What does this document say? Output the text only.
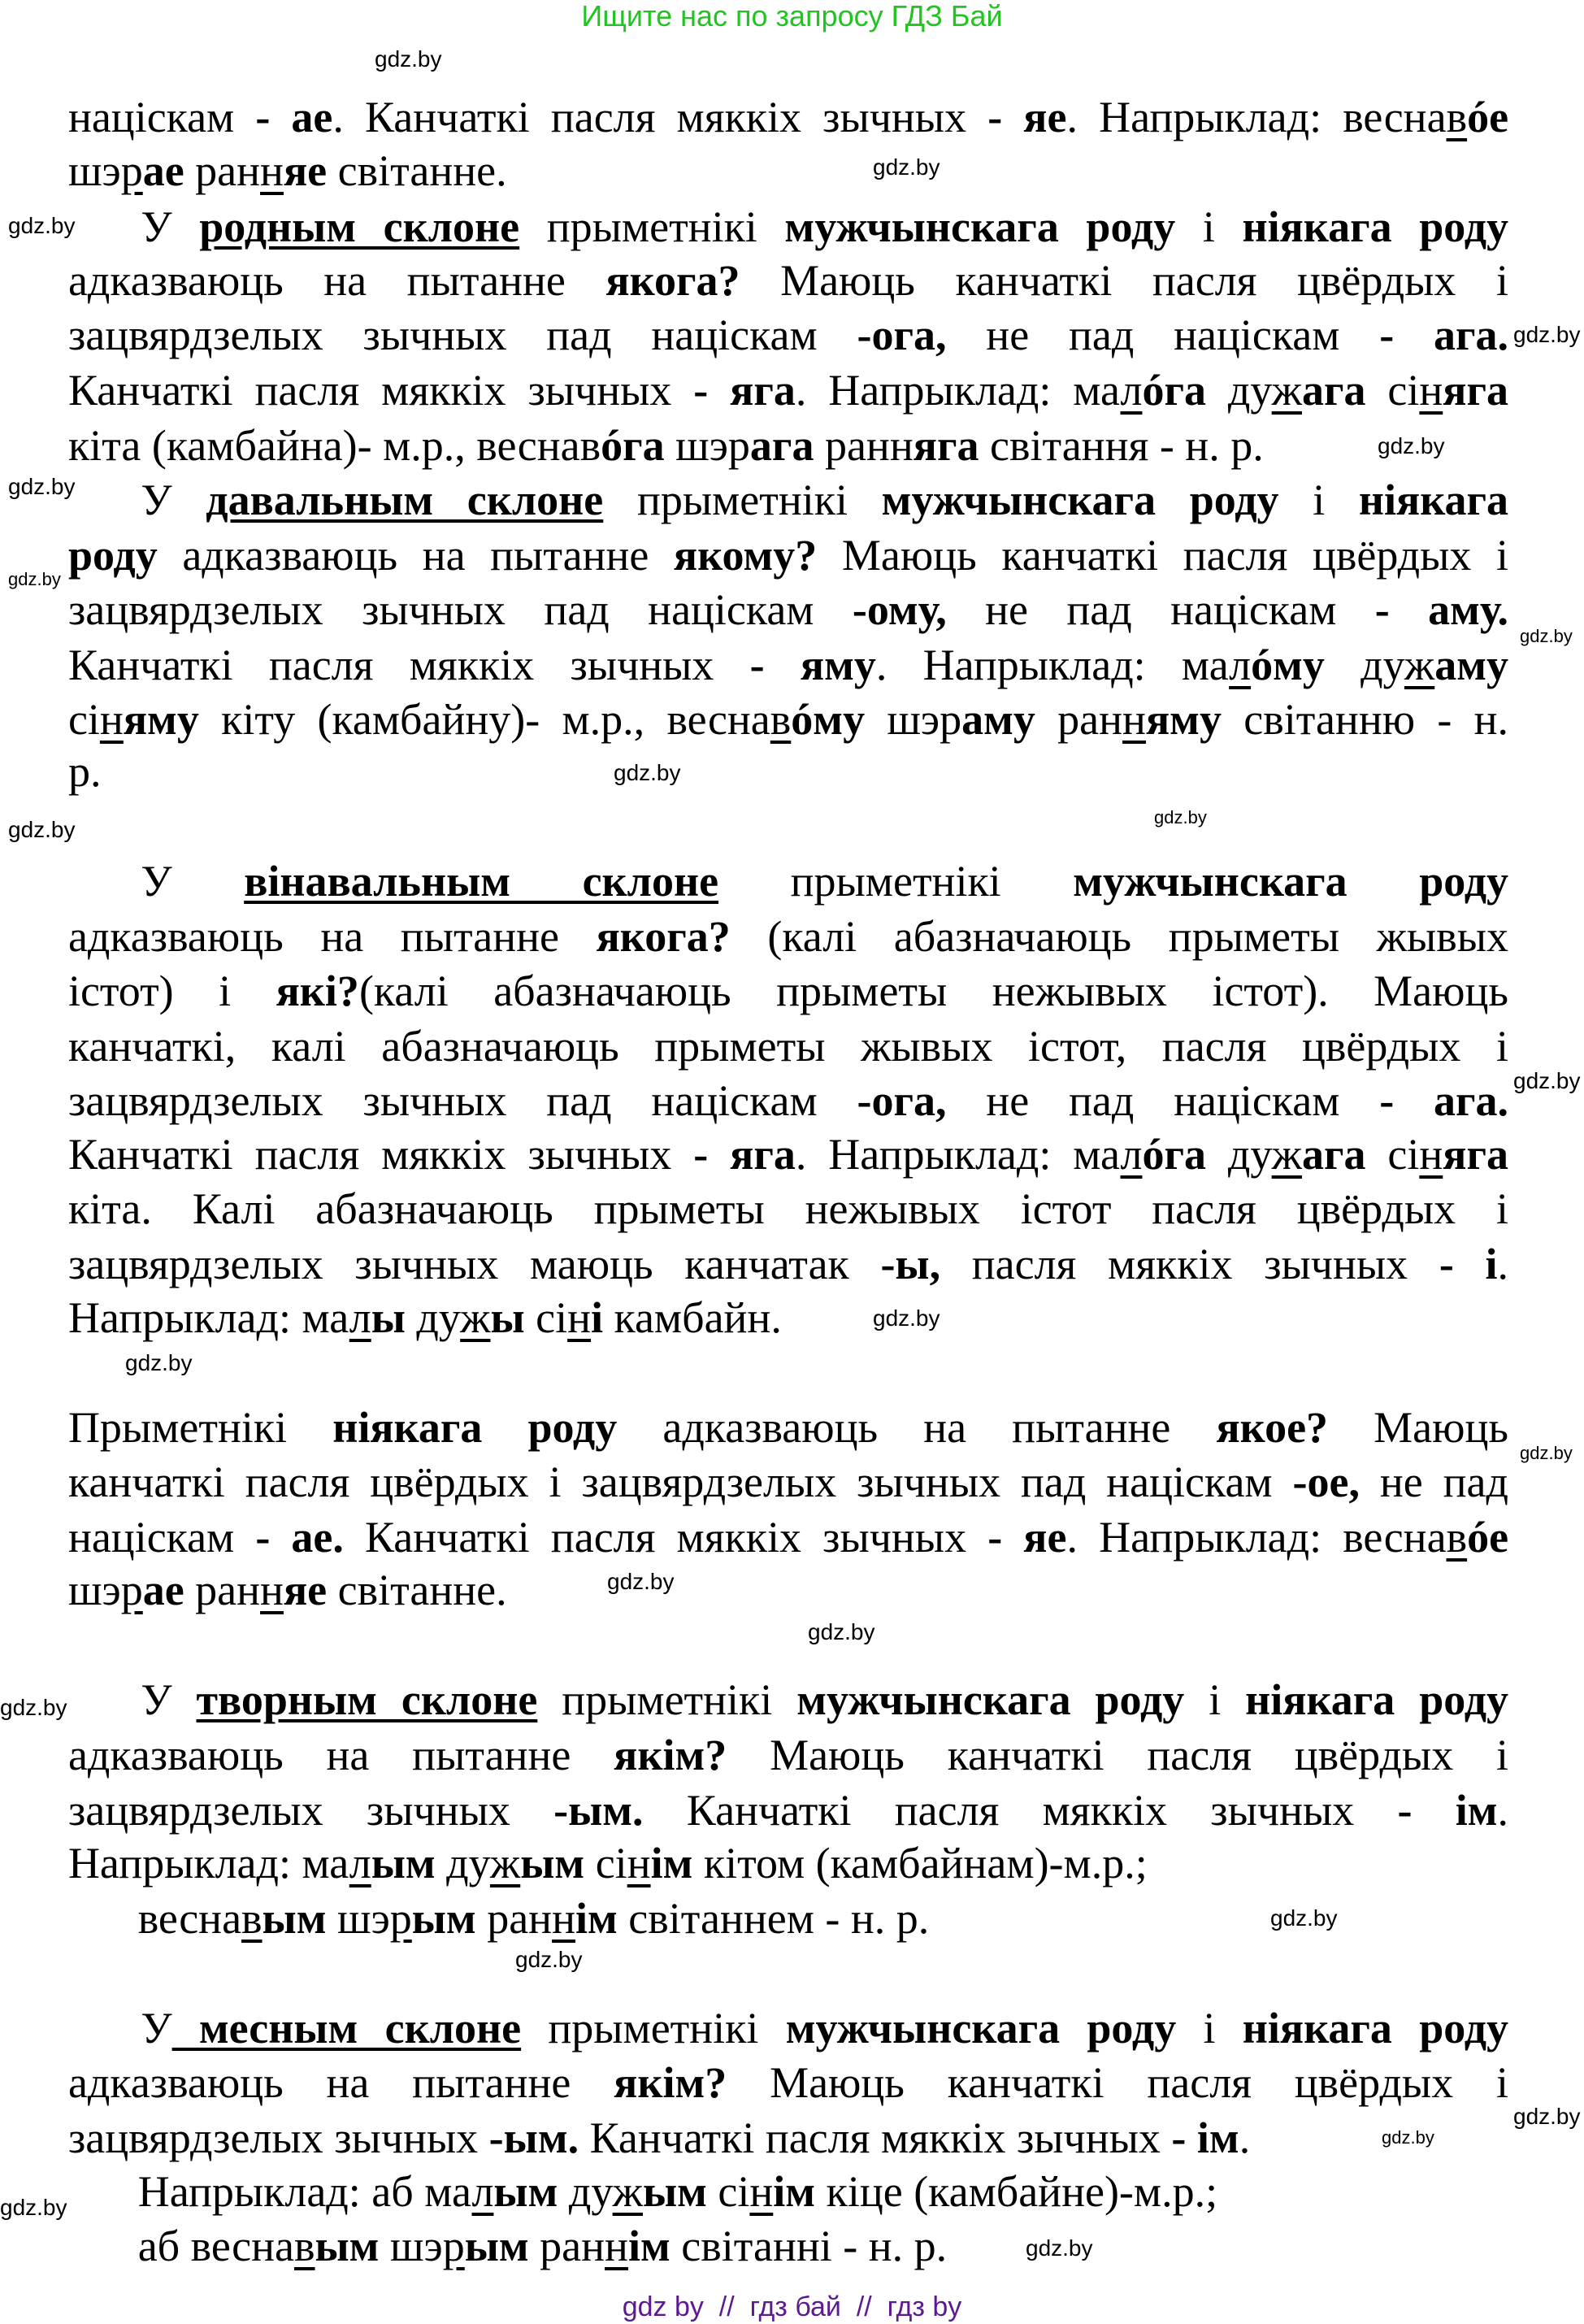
Ищите нас по запросу ГДЗ Бай
націскам - ае. Канчаткі пасля мяккіх зычных - яе. Напрыклад: веснавóе
шэрае ранняе світанне.
У родным склоне прыметнікі мужчынскага роду і ніякага роду
адказваюць на пытанне якога? Маюць канчаткі пасля цвёрдых і
зацвярдзелых зычных пад націскам -ога, не пад націскам - ага.
Канчаткі пасля мяккіх зычных - яга. Напрыклад: малóга дужага сіняга
кіта (камбайна)- м.р., веснавóга шэрага ранняга світання - н. р.
У давальным склоне прыметнікі мужчынскага роду і ніякага
роду адказваюць на пытанне якому? Маюць канчаткі пасля цвёрдых і
зацвярдзелых зычных пад націскам -ому, не пад націскам - аму.
Канчаткі пасля мяккіх зычных - яму. Напрыклад: малóму дужаму
сіняму кіту (камбайну)- м.р., веснавóму шэраму ранняму світанню - н.
р.
У вінавальным склоне прыметнікі мужчынскага роду
адказваюць на пытанне якога? (калі абазначаюць прыметы жывых
істот) і які?(калі абазначаюць прыметы нежывых істот). Маюць
канчаткі, калі абазначаюць прыметы жывых істот, пасля цвёрдых і
зацвярдзелых зычных пад націскам -ога, не пад націскам - ага.
Канчаткі пасля мяккіх зычных - яга. Напрыклад: малóга дужага сіняга
кіта. Калі абазначаюць прыметы нежывых істот пасля цвёрдых і
зацвярдзелых зычных маюць канчатак -ы, пасля мяккіх зычных - і.
Напрыклад: малы дужы сіні камбайн.
Прыметнікі ніякага роду адказваюць на пытанне якое? Маюць
канчаткі пасля цвёрдых і зацвярдзелых зычных пад націскам -ое, не пад
націскам - ае. Канчаткі пасля мяккіх зычных - яе. Напрыклад: веснавóе
шэрае ранняе світанне.
У творным склоне прыметнікі мужчынскага роду і ніякага роду
адказваюць на пытанне якім? Маюць канчаткі пасля цвёрдых і
зацвярдзелых зычных -ым. Канчаткі пасля мяккіх зычных - ім.
Напрыклад: малым дужым сінім кітом (камбайнам)-м.р.;
веснавым шэрым раннім світаннем - н. р.
У месным склоне прыметнікі мужчынскага роду і ніякага роду
адказваюць на пытанне якім? Маюць канчаткі пасля цвёрдых і
зацвярдзелых зычных -ым. Канчаткі пасля мяккіх зычных - ім.
Напрыклад: аб малым дужым сінім кіце (камбайне)-м.р.;
аб веснавым шэрым раннім світанні - н. р.
gdz.by
gdz.by
gdz.by
gdz.by
gdz.by
gdz.by
gdz.by
gdz.by
gdz.by
gdz.by
gdz.by
gdz.by
gdz.by
gdz.by
gdz.by
gdz.by
gdz.by
gdz.by
gdz.by
gdz.by
gdz.by
gdz.by
gdz.by
gdz.by
gdz by  //  гдз бай  //  гдз by
